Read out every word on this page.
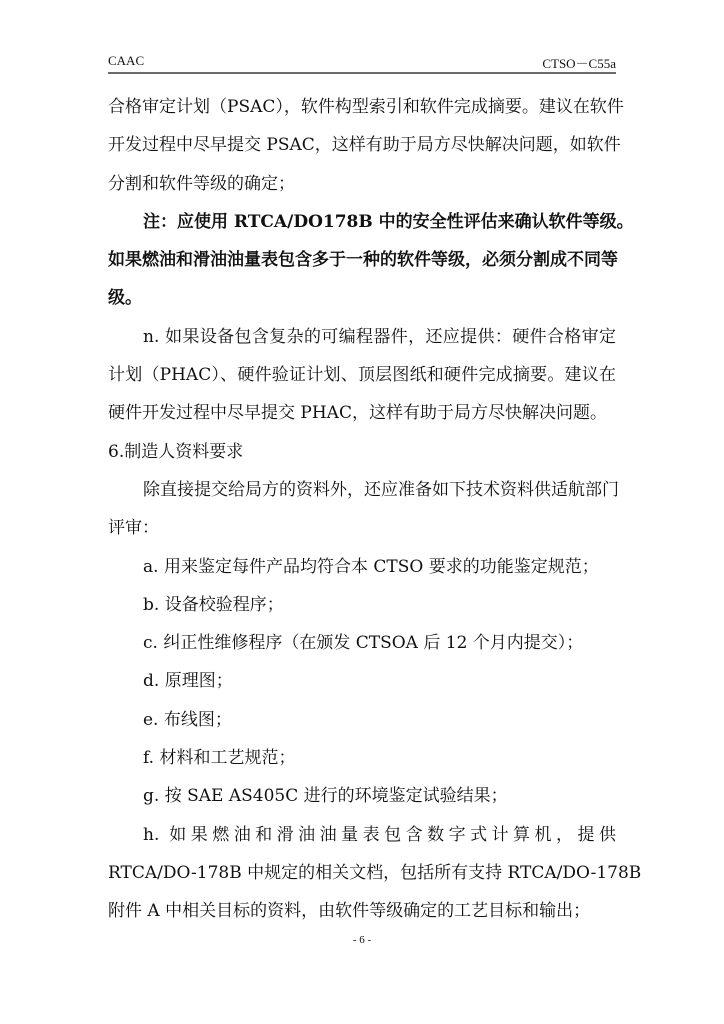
CAAC	CTSO－C55a
合格审定计划（PSAC），软件构型索引和软件完成摘要。建议在软件
开发过程中尽早提交 PSAC，这样有助于局方尽快解决问题，如软件
分割和软件等级的确定；
注：应使用 RTCA/DO178B 中的安全性评估来确认软件等级。
如果燃油和滑油油量表包含多于一种的软件等级，必须分割成不同等
级。
n. 如果设备包含复杂的可编程器件，还应提供：硬件合格审定
计划（PHAC）、硬件验证计划、顶层图纸和硬件完成摘要。建议在
硬件开发过程中尽早提交 PHAC，这样有助于局方尽快解决问题。
6.制造人资料要求
除直接提交给局方的资料外，还应准备如下技术资料供适航部门
评审：
a. 用来鉴定每件产品均符合本 CTSO 要求的功能鉴定规范；
b. 设备校验程序；
c. 纠正性维修程序（在颁发 CTSOA 后 12 个月内提交）；
d. 原理图；
e. 布线图；
f. 材料和工艺规范；
g. 按 SAE AS405C 进行的环境鉴定试验结果；
h. 如果燃油和滑油油量表包含数字式计算机，提供
RTCA/DO-178B 中规定的相关文档，包括所有支持 RTCA/DO-178B
附件 A 中相关目标的资料，由软件等级确定的工艺目标和输出；
- 6 -
